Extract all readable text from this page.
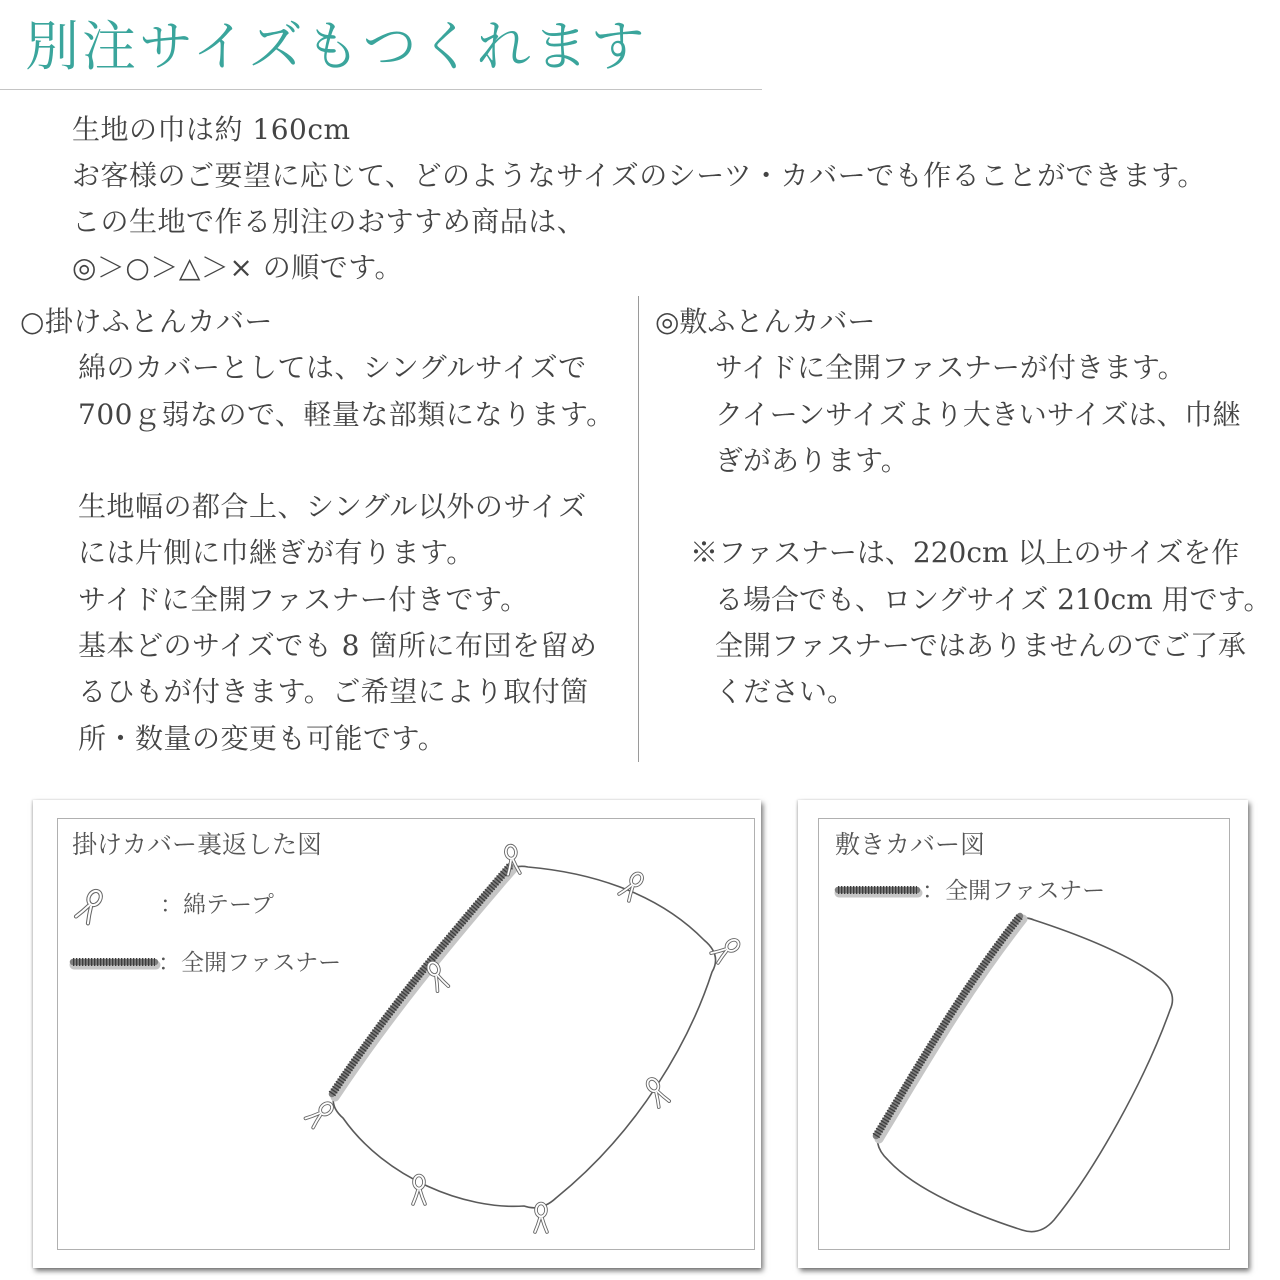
別注サイズもつくれます
生地の巾は約 160cm
お客様のご要望に応じて、どのようなサイズのシーツ・カバーでも作ることができます。
この生地で作る別注のおすすめ商品は、
◎＞○＞△＞× の順です。
○掛けふとんカバー
綿のカバーとしては、シングルサイズで
700ｇ弱なので、軽量な部類になります。
生地幅の都合上、シングル以外のサイズ
には片側に巾継ぎが有ります。
サイドに全開ファスナー付きです。
基本どのサイズでも 8 箇所に布団を留め
るひもが付きます。ご希望により取付箇
所・数量の変更も可能です。
◎敷ふとんカバー
サイドに全開ファスナーが付きます。
クイーンサイズより大きいサイズは、巾継
ぎがあります。
※ファスナーは、220cm 以上のサイズを作
る場合でも、ロングサイズ 210cm 用です。
全開ファスナーではありませんのでご了承
ください。
掛けカバー裏返した図
：綿テープ
：全開ファスナー
敷きカバー図
：全開ファスナー
